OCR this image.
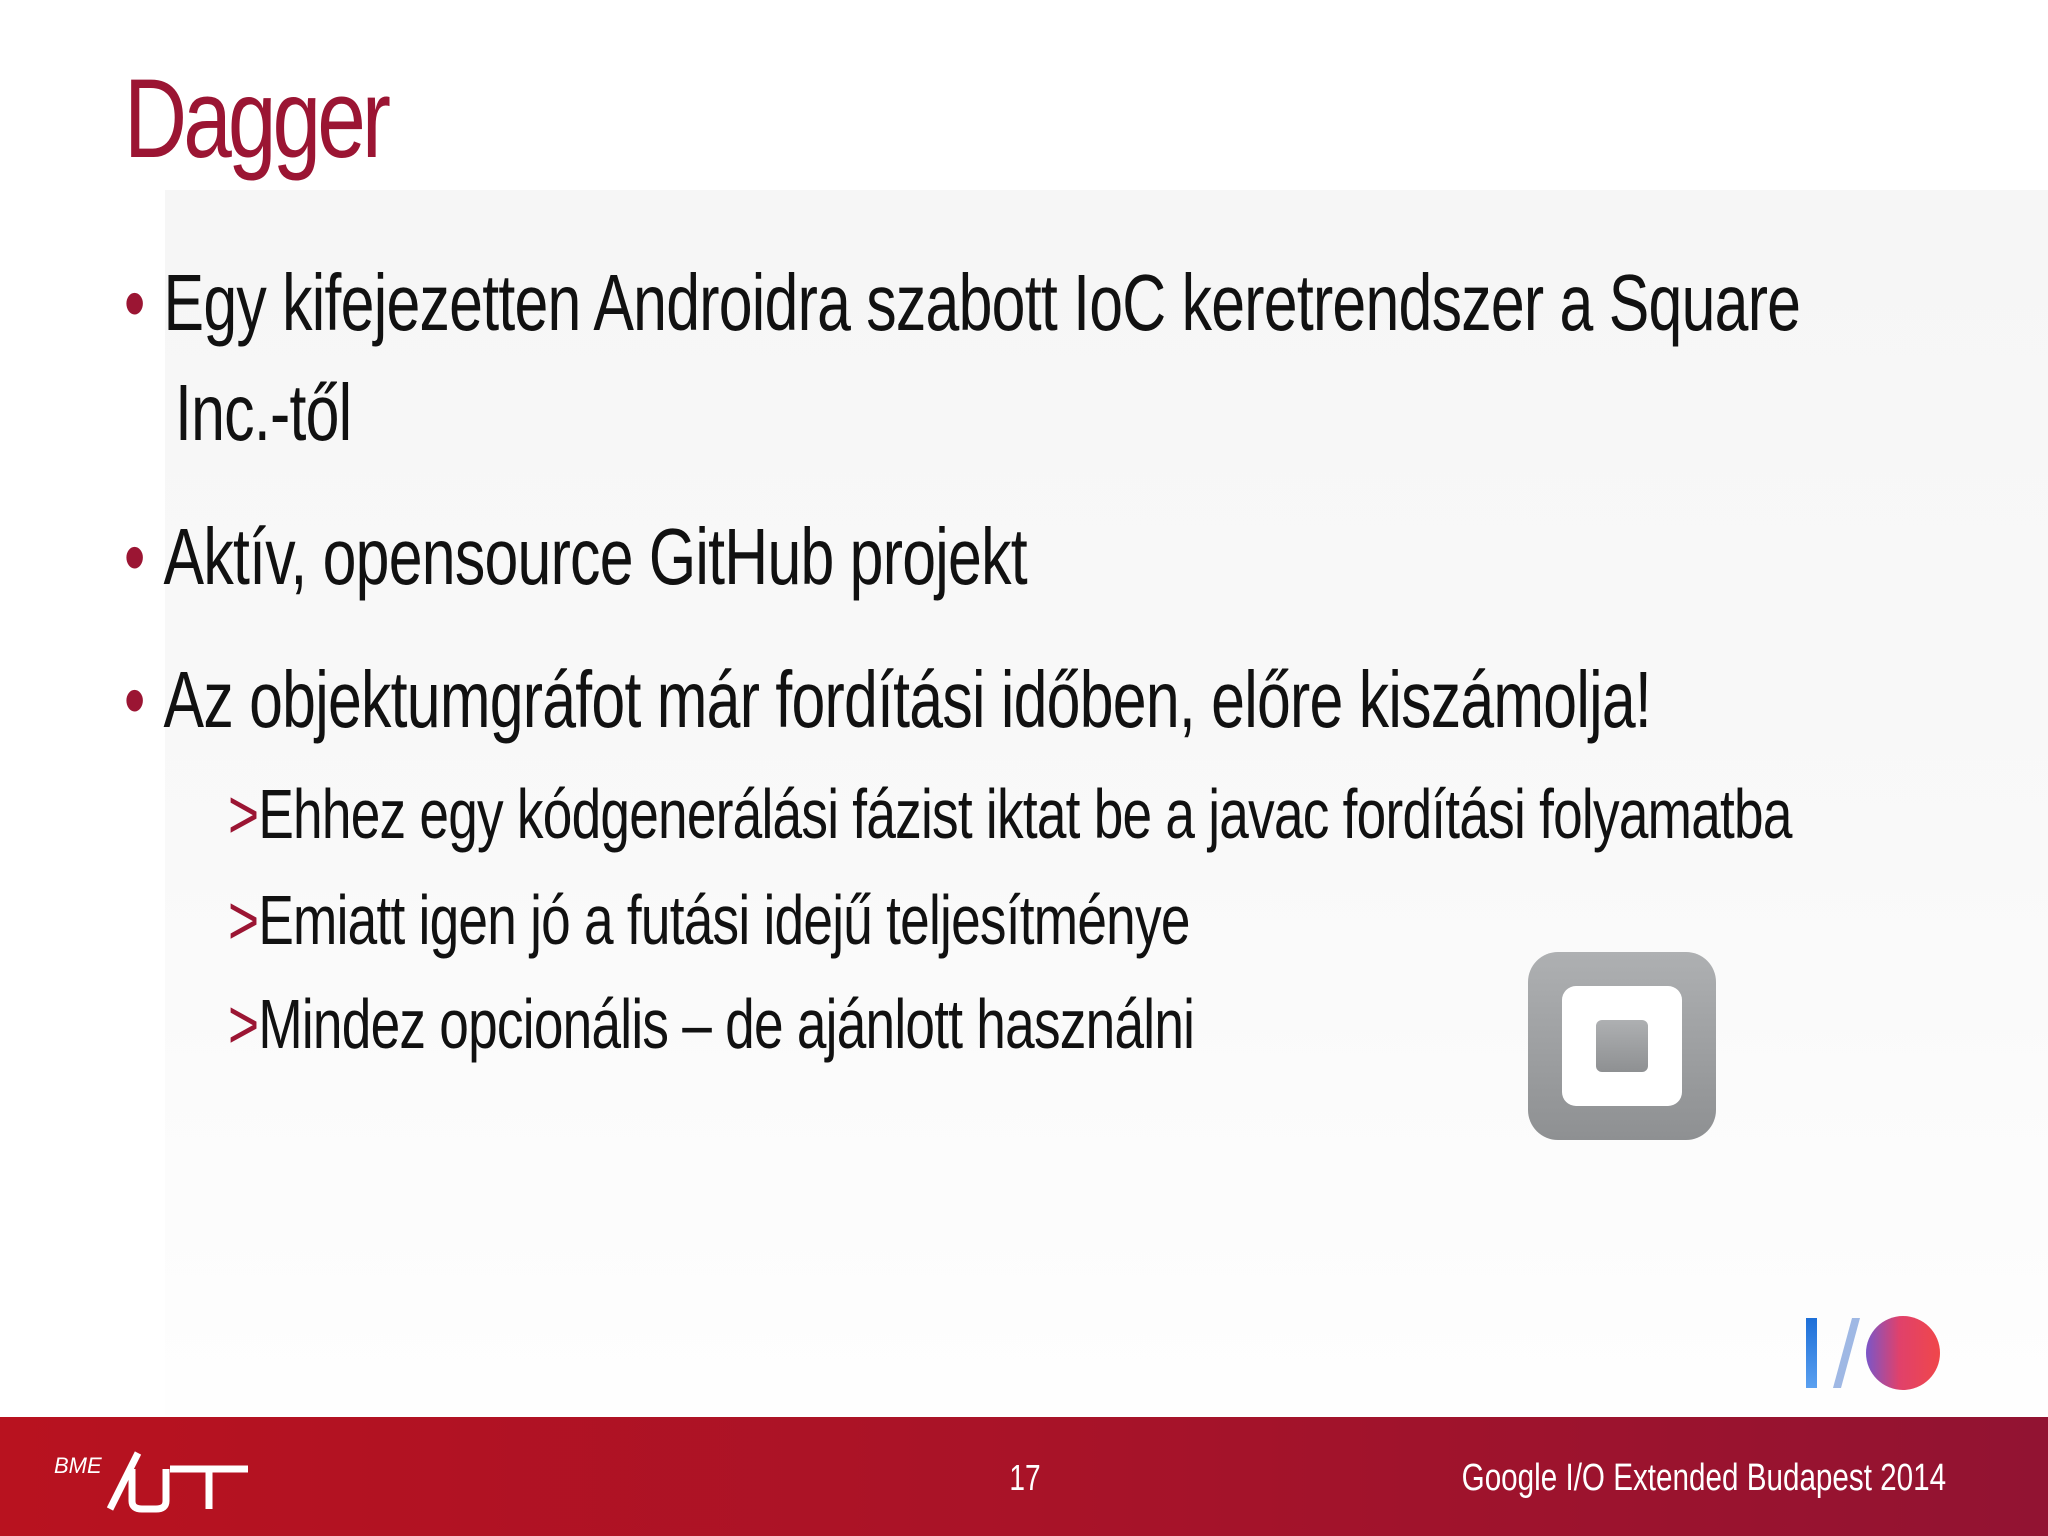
Dagger
• Egy kifejezetten Androidra szabott IoC keretrendszer a Square
Inc.-től
• Aktív, opensource GitHub projekt
• Az objektumgráfot már fordítási időben, előre kiszámolja!
>Ehhez egy kódgenerálási fázist iktat be a javac fordítási folyamatba
>Emiatt igen jó a futási idejű teljesítménye
>Mindez opcionális – de ajánlott használni
BME	17	Google I/O Extended Budapest 2014
